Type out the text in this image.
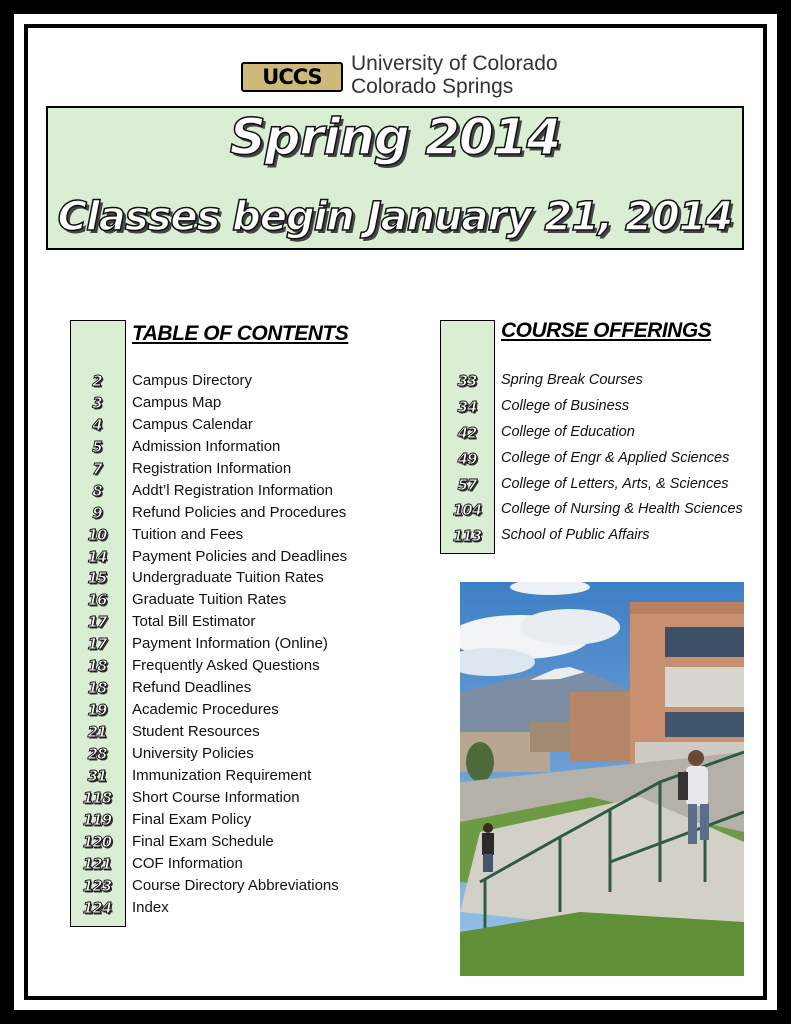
UCCS
University of Colorado
Colorado Springs
Spring 2014
Classes begin January 21, 2014
TABLE OF CONTENTS
2	Campus Directory
3	Campus Map
4	Campus Calendar
5	Admission Information
7	Registration Information
8	Addt’l Registration Information
9	Refund Policies and Procedures
10	Tuition and Fees
14	Payment Policies and Deadlines
15	Undergraduate Tuition Rates
16	Graduate Tuition Rates
17	Total Bill Estimator
17	Payment Information (Online)
18	Frequently Asked Questions
18	Refund Deadlines
19	Academic Procedures
21	Student Resources
28	University Policies
31	Immunization Requirement
118	Short Course Information
119	Final Exam Policy
120	Final Exam Schedule
121	COF Information
123	Course Directory Abbreviations
124	Index
COURSE OFFERINGS
33	Spring Break Courses
34	College of Business
42	College of Education
49	College of Engr & Applied Sciences
57	College of Letters, Arts, & Sciences
104	College of Nursing & Health Sciences
113	School of Public Affairs
